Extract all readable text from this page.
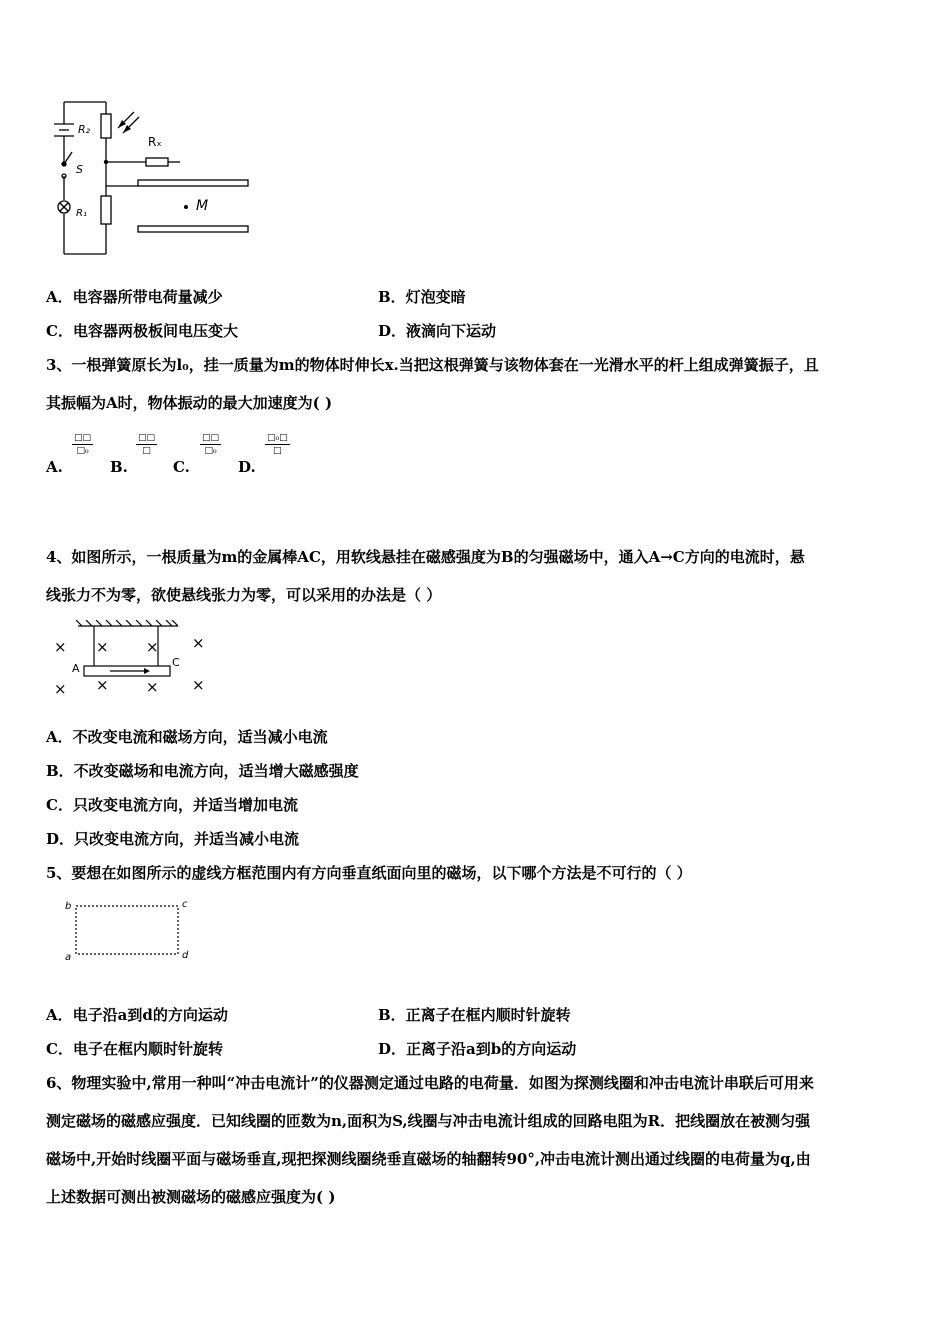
R₂
S
R₁
Rₓ
M
A．电容器所带电荷量减少	B．灯泡变暗
C．电容器两极板间电压变大	D．液滴向下运动
3、一根弹簧原长为l₀，挂一质量为m的物体时伸长x.当把这根弹簧与该物体套在一光滑水平的杆上组成弹簧振子，且
其振幅为A时，物体振动的最大加速度为( )
A.
□□
□₀
B.
□□
□
C.
□□
□₀
D.
□₀□
□
4、如图所示，一根质量为m的金属棒AC，用软线悬挂在磁感强度为B的匀强磁场中，通入A→C方向的电流时，悬
线张力不为零，欲使悬线张力为零，可以采用的办法是（ ）
× × × ×
× × × ×
A	C
A．不改变电流和磁场方向，适当减小电流
B．不改变磁场和电流方向，适当增大磁感强度
C．只改变电流方向，并适当增加电流
D．只改变电流方向，并适当减小电流
5、要想在如图所示的虚线方框范围内有方向垂直纸面向里的磁场，以下哪个方法是不可行的（ ）
b	c
a	d
A．电子沿a到d的方向运动	B．正离子在框内顺时针旋转
C．电子在框内顺时针旋转	D．正离子沿a到b的方向运动
6、物理实验中,常用一种叫“冲击电流计”的仪器测定通过电路的电荷量．如图为探测线圈和冲击电流计串联后可用来
测定磁场的磁感应强度．已知线圈的匝数为n,面积为S,线圈与冲击电流计组成的回路电阻为R．把线圈放在被测匀强
磁场中,开始时线圈平面与磁场垂直,现把探测线圈绕垂直磁场的轴翻转90°,冲击电流计测出通过线圈的电荷量为q,由
上述数据可测出被测磁场的磁感应强度为( )
